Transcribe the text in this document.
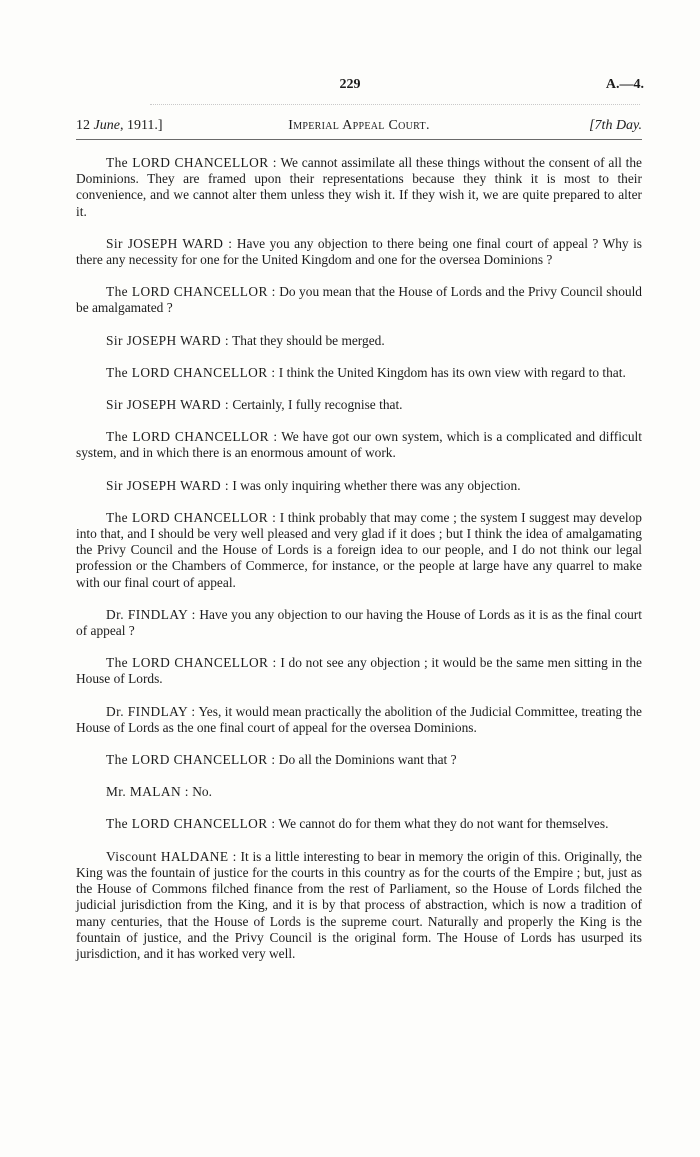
229	A.—4.
12 June, 1911.]	Imperial Appeal Court.	[7th Day.

The LORD CHANCELLOR : We cannot assimilate all these things without the consent of all the Dominions. They are framed upon their representations because they think it is most to their convenience, and we cannot alter them unless they wish it. If they wish it, we are quite prepared to alter it.

Sir JOSEPH WARD : Have you any objection to there being one final court of appeal ? Why is there any necessity for one for the United Kingdom and one for the oversea Dominions ?

The LORD CHANCELLOR : Do you mean that the House of Lords and the Privy Council should be amalgamated ?

Sir JOSEPH WARD : That they should be merged.

The LORD CHANCELLOR : I think the United Kingdom has its own view with regard to that.

Sir JOSEPH WARD : Certainly, I fully recognise that.

The LORD CHANCELLOR : We have got our own system, which is a complicated and difficult system, and in which there is an enormous amount of work.

Sir JOSEPH WARD : I was only inquiring whether there was any objection.

The LORD CHANCELLOR : I think probably that may come ; the system I suggest may develop into that, and I should be very well pleased and very glad if it does ; but I think the idea of amalgamating the Privy Council and the House of Lords is a foreign idea to our people, and I do not think our legal profession or the Chambers of Commerce, for instance, or the people at large have any quarrel to make with our final court of appeal.

Dr. FINDLAY : Have you any objection to our having the House of Lords as it is as the final court of appeal ?

The LORD CHANCELLOR : I do not see any objection ; it would be the same men sitting in the House of Lords.

Dr. FINDLAY : Yes, it would mean practically the abolition of the Judicial Committee, treating the House of Lords as the one final court of appeal for the oversea Dominions.

The LORD CHANCELLOR : Do all the Dominions want that ?

Mr. MALAN : No.

The LORD CHANCELLOR : We cannot do for them what they do not want for themselves.

Viscount HALDANE : It is a little interesting to bear in memory the origin of this. Originally, the King was the fountain of justice for the courts in this country as for the courts of the Empire ; but, just as the House of Commons filched finance from the rest of Parliament, so the House of Lords filched the judicial jurisdiction from the King, and it is by that process of abstraction, which is now a tradition of many centuries, that the House of Lords is the supreme court. Naturally and properly the King is the fountain of justice, and the Privy Council is the original form. The House of Lords has usurped its jurisdiction, and it has worked very well.
